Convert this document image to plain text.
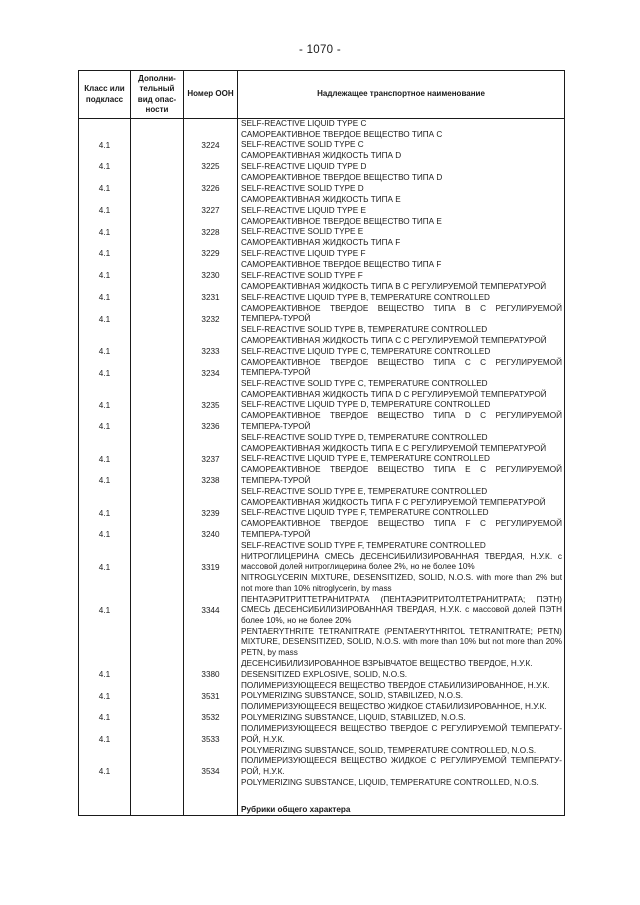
- 1070 -
Класс или подкласс	Дополни-тельный вид опас-ности	Номер ООН	Надлежащее транспортное наименование

			SELF-REACTIVE LIQUID TYPE C

4.1		3224	САМОРЕАКТИВНОЕ ТВЕРДОЕ ВЕЩЕСТВО ТИПА C
SELF-REACTIVE SOLID TYPE C

4.1		3225	САМОРЕАКТИВНАЯ ЖИДКОСТЬ ТИПА D
SELF-REACTIVE LIQUID TYPE D

4.1		3226	САМОРЕАКТИВНОЕ ТВЕРДОЕ ВЕЩЕСТВО ТИПА D
SELF-REACTIVE SOLID TYPE D

4.1		3227	САМОРЕАКТИВНАЯ ЖИДКОСТЬ ТИПА E
SELF-REACTIVE LIQUID TYPE E

4.1		3228	САМОРЕАКТИВНОЕ ТВЕРДОЕ ВЕЩЕСТВО ТИПА E
SELF-REACTIVE SOLID TYPE E

4.1		3229	САМОРЕАКТИВНАЯ ЖИДКОСТЬ ТИПА F
SELF-REACTIVE LIQUID TYPE F

4.1		3230	САМОРЕАКТИВНОЕ ТВЕРДОЕ ВЕЩЕСТВО ТИПА F
SELF-REACTIVE SOLID TYPE F

4.1		3231	САМОРЕАКТИВНАЯ ЖИДКОСТЬ ТИПА B С РЕГУЛИРУЕМОЙ ТЕМПЕРАТУРОЙ
SELF-REACTIVE LIQUID TYPE B, TEMPERATURE CONTROLLED

4.1		3232	САМОРЕАКТИВНОЕ ТВЕРДОЕ ВЕЩЕСТВО ТИПА B С РЕГУЛИРУЕМОЙ ТЕМПЕРА-ТУРОЙ
SELF-REACTIVE SOLID TYPE B, TEMPERATURE CONTROLLED

4.1		3233	САМОРЕАКТИВНАЯ ЖИДКОСТЬ ТИПА C С РЕГУЛИРУЕМОЙ ТЕМПЕРАТУРОЙ
SELF-REACTIVE LIQUID TYPE C, TEMPERATURE CONTROLLED

4.1		3234	САМОРЕАКТИВНОЕ ТВЕРДОЕ ВЕЩЕСТВО ТИПА C С РЕГУЛИРУЕМОЙ ТЕМПЕРА-ТУРОЙ
SELF-REACTIVE SOLID TYPE C, TEMPERATURE CONTROLLED

4.1		3235	САМОРЕАКТИВНАЯ ЖИДКОСТЬ ТИПА D С РЕГУЛИРУЕМОЙ ТЕМПЕРАТУРОЙ
SELF-REACTIVE LIQUID TYPE D, TEMPERATURE CONTROLLED

4.1		3236	САМОРЕАКТИВНОЕ ТВЕРДОЕ ВЕЩЕСТВО ТИПА D С РЕГУЛИРУЕМОЙ ТЕМПЕРА-ТУРОЙ
SELF-REACTIVE SOLID TYPE D, TEMPERATURE CONTROLLED

4.1		3237	САМОРЕАКТИВНАЯ ЖИДКОСТЬ ТИПА E С РЕГУЛИРУЕМОЙ ТЕМПЕРАТУРОЙ
SELF-REACTIVE LIQUID TYPE E, TEMPERATURE CONTROLLED

4.1		3238	САМОРЕАКТИВНОЕ ТВЕРДОЕ ВЕЩЕСТВО ТИПА E С РЕГУЛИРУЕМОЙ ТЕМПЕРА-ТУРОЙ
SELF-REACTIVE SOLID TYPE E, TEMPERATURE CONTROLLED

4.1		3239	САМОРЕАКТИВНАЯ ЖИДКОСТЬ ТИПА F С РЕГУЛИРУЕМОЙ ТЕМПЕРАТУРОЙ
SELF-REACTIVE LIQUID TYPE F, TEMPERATURE CONTROLLED

4.1		3240	САМОРЕАКТИВНОЕ ТВЕРДОЕ ВЕЩЕСТВО ТИПА F С РЕГУЛИРУЕМОЙ ТЕМПЕРА-ТУРОЙ
SELF-REACTIVE SOLID TYPE F, TEMPERATURE CONTROLLED

4.1		3319	НИТРОГЛИЦЕРИНА СМЕСЬ ДЕСЕНСИБИЛИЗИРОВАННАЯ ТВЕРДАЯ, Н.У.К. с массовой долей нитроглицерина более 2%, но не более 10%
NITROGLYCERIN MIXTURE, DESENSITIZED, SOLID, N.O.S. with more than 2% but not more than 10% nitroglycerin, by mass

4.1		3344	ПЕНТАЭРИТРИТТЕТРАНИТРАТА (ПЕНТАЭРИТРИТОЛТЕТРАНИТРАТА; ПЭТН) СМЕСЬ ДЕСЕНСИБИЛИЗИРОВАННАЯ ТВЕРДАЯ, Н.У.К. с массовой долей ПЭТН более 10%, но не более 20%
PENTAERYTHRITE TETRANITRATE (PENTAERYTHRITOL TETRANITRATE; PETN) MIXTURE, DESENSITIZED, SOLID, N.O.S. with more than 10% but not more than 20% PETN, by mass

4.1		3380	ДЕСЕНСИБИЛИЗИРОВАННОЕ ВЗРЫВЧАТОЕ ВЕЩЕСТВО ТВЕРДОЕ, Н.У.К.
DESENSITIZED EXPLOSIVE, SOLID, N.O.S.

4.1		3531	ПОЛИМЕРИЗУЮЩЕЕСЯ ВЕЩЕСТВО ТВЕРДОЕ СТАБИЛИЗИРОВАННОЕ, Н.У.К.
POLYMERIZING SUBSTANCE, SOLID, STABILIZED, N.O.S.

4.1		3532	ПОЛИМЕРИЗУЮЩЕЕСЯ ВЕЩЕСТВО ЖИДКОЕ СТАБИЛИЗИРОВАННОЕ, Н.У.К.
POLYMERIZING SUBSTANCE, LIQUID, STABILIZED, N.O.S.

4.1		3533	ПОЛИМЕРИЗУЮЩЕЕСЯ ВЕЩЕСТВО ТВЕРДОЕ С РЕГУЛИРУЕМОЙ ТЕМПЕРАТУ-РОЙ, Н.У.К.
POLYMERIZING SUBSTANCE, SOLID, TEMPERATURE CONTROLLED, N.O.S.

4.1		3534	ПОЛИМЕРИЗУЮЩЕЕСЯ ВЕЩЕСТВО ЖИДКОЕ С РЕГУЛИРУЕМОЙ ТЕМПЕРАТУ-РОЙ, Н.У.К.
POLYMERIZING SUBSTANCE, LIQUID, TEMPERATURE CONTROLLED, N.O.S.

			Рубрики общего характера
